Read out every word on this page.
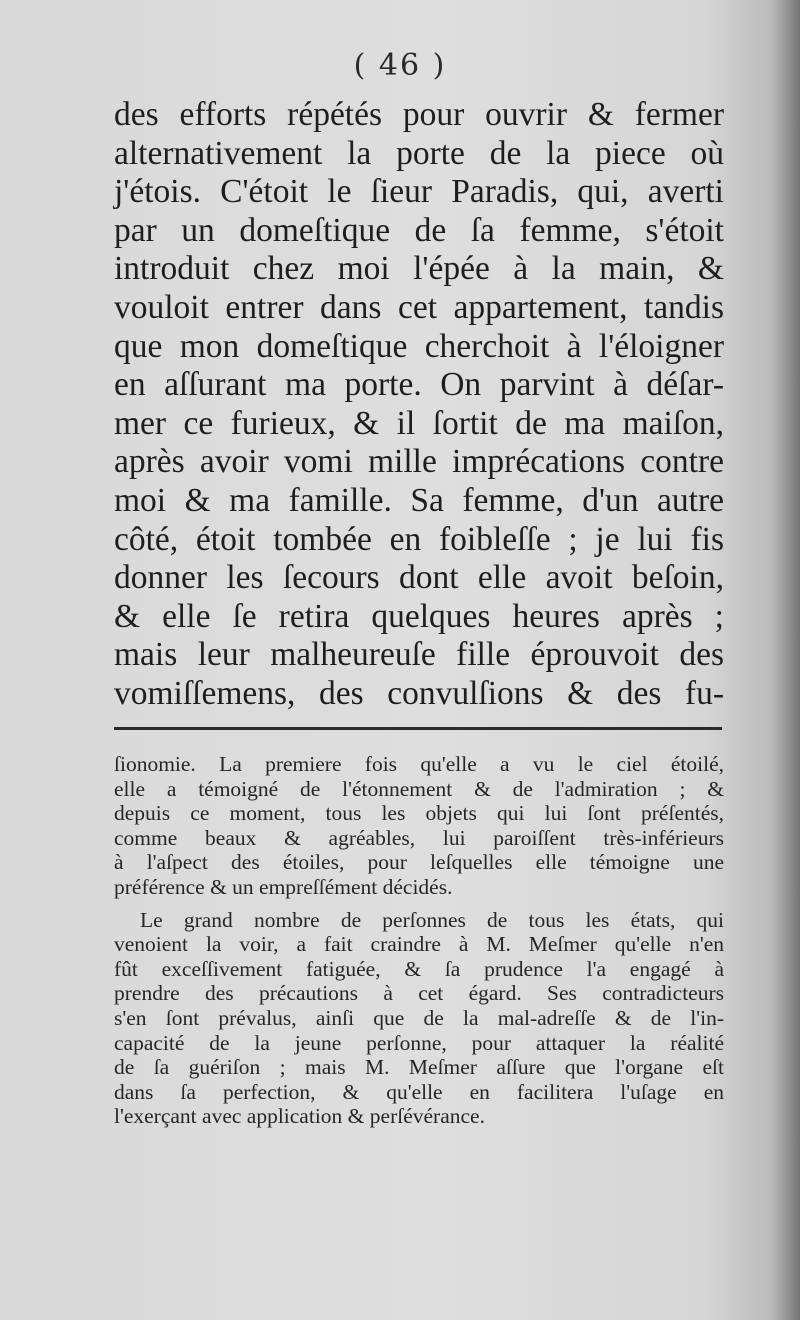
( 46 )
des efforts répétés pour ouvrir & fermer
alternativement la porte de la piece où
j'étois. C'étoit le ſieur Paradis, qui, averti
par un domeſtique de ſa femme, s'étoit
introduit chez moi l'épée à la main, &
vouloit entrer dans cet appartement, tandis
que mon domeſtique cherchoit à l'éloigner
en aſſurant ma porte. On parvint à déſar-
mer ce furieux, & il ſortit de ma maiſon,
après avoir vomi mille imprécations contre
moi & ma famille. Sa femme, d'un autre
côté, étoit tombée en foibleſſe ; je lui fis
donner les ſecours dont elle avoit beſoin,
& elle ſe retira quelques heures après ;
mais leur malheureuſe fille éprouvoit des
vomiſſemens, des convulſions & des fu-
ſionomie. La premiere fois qu'elle a vu le ciel étoilé,
elle a témoigné de l'étonnement & de l'admiration ; &
depuis ce moment, tous les objets qui lui ſont préſentés,
comme beaux & agréables, lui paroiſſent très-inférieurs
à l'aſpect des étoiles, pour leſquelles elle témoigne une
préférence & un empreſſément décidés.
Le grand nombre de perſonnes de tous les états, qui
venoient la voir, a fait craindre à M. Meſmer qu'elle n'en
fût exceſſivement fatiguée, & ſa prudence l'a engagé à
prendre des précautions à cet égard. Ses contradicteurs
s'en ſont prévalus, ainſi que de la mal-adreſſe & de l'in-
capacité de la jeune perſonne, pour attaquer la réalité
de ſa guériſon ; mais M. Meſmer aſſure que l'organe eſt
dans ſa perfection, & qu'elle en facilitera l'uſage en
l'exerçant avec application & perſévérance.
